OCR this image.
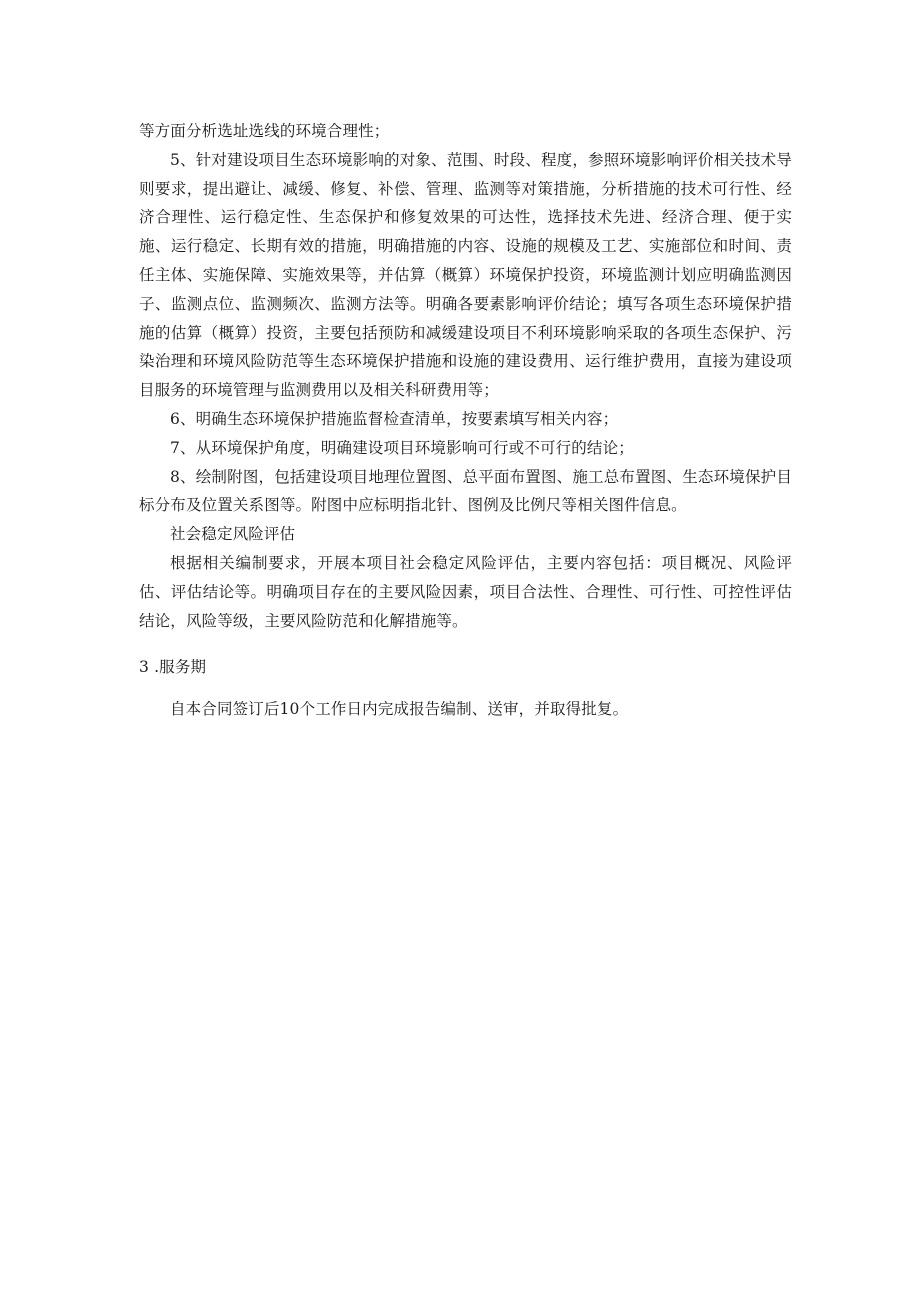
等方面分析选址选线的环境合理性；

5、针对建设项目生态环境影响的对象、范围、时段、程度，参照环境影响评价相关技术导则要求，提出避让、减缓、修复、补偿、管理、监测等对策措施，分析措施的技术可行性、经济合理性、运行稳定性、生态保护和修复效果的可达性，选择技术先进、经济合理、便于实施、运行稳定、长期有效的措施，明确措施的内容、设施的规模及工艺、实施部位和时间、责任主体、实施保障、实施效果等，并估算（概算）环境保护投资，环境监测计划应明确监测因子、监测点位、监测频次、监测方法等。明确各要素影响评价结论；填写各项生态环境保护措施的估算（概算）投资，主要包括预防和减缓建设项目不利环境影响采取的各项生态保护、污染治理和环境风险防范等生态环境保护措施和设施的建设费用、运行维护费用，直接为建设项目服务的环境管理与监测费用以及相关科研费用等；

6、明确生态环境保护措施监督检查清单，按要素填写相关内容；

7、从环境保护角度，明确建设项目环境影响可行或不可行的结论；

8、绘制附图，包括建设项目地理位置图、总平面布置图、施工总布置图、生态环境保护目标分布及位置关系图等。附图中应标明指北针、图例及比例尺等相关图件信息。

社会稳定风险评估

根据相关编制要求，开展本项目社会稳定风险评估，主要内容包括：项目概况、风险评估、评估结论等。明确项目存在的主要风险因素，项目合法性、合理性、可行性、可控性评估结论，风险等级，主要风险防范和化解措施等。

3 .服务期

自本合同签订后10个工作日内完成报告编制、送审，并取得批复。
